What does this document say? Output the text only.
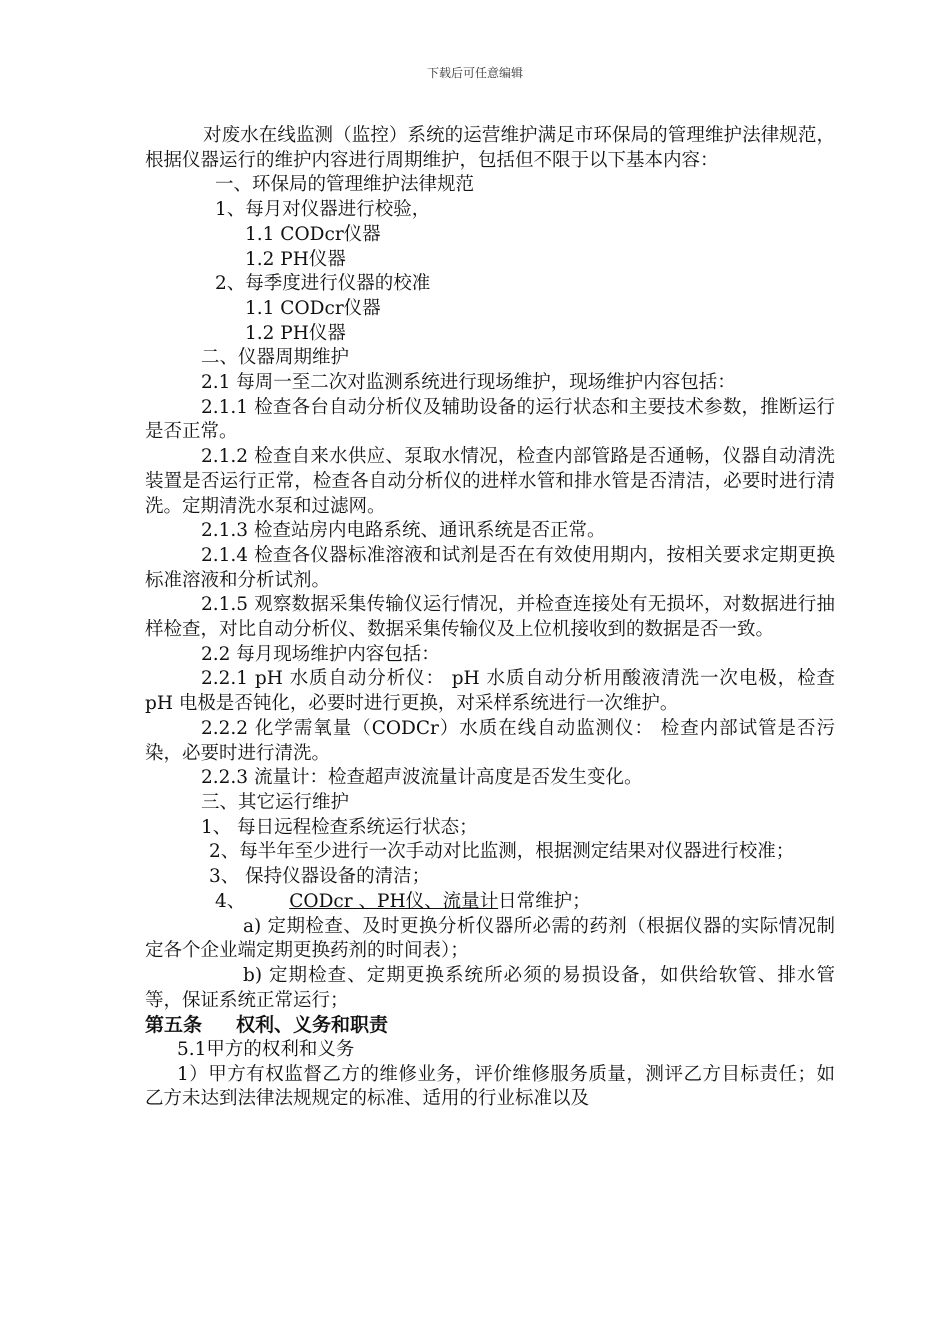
下载后可任意编辑

对废水在线监测（监控）系统的运营维护满足市环保局的管理维护法律规范，根据仪器运行的维护内容进行周期维护，包括但不限于以下基本内容：

一、环保局的管理维护法律规范

1、每月对仪器进行校验，

1.1 CODcr仪器

1.2 PH仪器

2、每季度进行仪器的校准

1.1 CODcr仪器

1.2 PH仪器

二、仪器周期维护

2.1 每周一至二次对监测系统进行现场维护，现场维护内容包括：

2.1.1 检查各台自动分析仪及辅助设备的运行状态和主要技术参数，推断运行是否正常。

2.1.2 检查自来水供应、泵取水情况，检查内部管路是否通畅，仪器自动清洗装置是否运行正常，检查各自动分析仪的进样水管和排水管是否清洁，必要时进行清洗。定期清洗水泵和过滤网。

2.1.3 检查站房内电路系统、通讯系统是否正常。

2.1.4 检查各仪器标准溶液和试剂是否在有效使用期内，按相关要求定期更换标准溶液和分析试剂。

2.1.5 观察数据采集传输仪运行情况，并检查连接处有无损坏，对数据进行抽样检查，对比自动分析仪、数据采集传输仪及上位机接收到的数据是否一致。

2.2 每月现场维护内容包括：

2.2.1 pH 水质自动分析仪： pH 水质自动分析用酸液清洗一次电极，检查pH 电极是否钝化，必要时进行更换，对采样系统进行一次维护。

2.2.2 化学需氧量（CODCr）水质在线自动监测仪： 检查内部试管是否污染，必要时进行清洗。

2.2.3 流量计：检查超声波流量计高度是否发生变化。

三、其它运行维护

1、 每日远程检查系统运行状态；

2、每半年至少进行一次手动对比监测，根据测定结果对仪器进行校准；

3、 保持仪器设备的清洁；

4、 CODcr 、PH仪、流量计日常维护；

a) 定期检查、及时更换分析仪器所必需的药剂（根据仪器的实际情况制定各个企业端定期更换药剂的时间表）；

b) 定期检查、定期更换系统所必须的易损设备，如供给软管、排水管等，保证系统正常运行；

第五条 权利、义务和职责

5.1甲方的权利和义务

1）甲方有权监督乙方的维修业务，评价维修服务质量，测评乙方目标责任；如乙方未达到法律法规规定的标准、适用的行业标准以及
